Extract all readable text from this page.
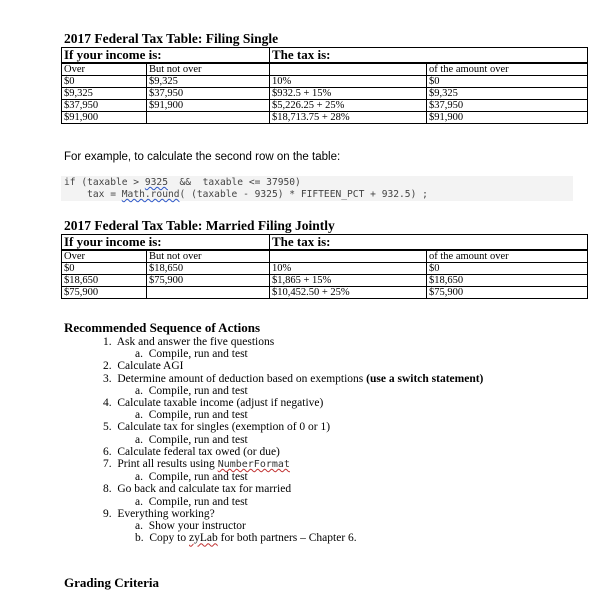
2017 Federal Tax Table: Filing Single
If your income is:		The tax is:	
Over	But not over		of the amount over
$0	$9,325	10%	$0
$9,325	$37,950	$932.5 + 15%	$9,325
$37,950	$91,900	$5,226.25 + 25%	$37,950
$91,900		$18,713.75 + 28%	$91,900
For example, to calculate the second row on the table:
if (taxable > 9325  &&  taxable <= 37950)
tax = Math.round( (taxable - 9325) * FIFTEEN_PCT + 932.5) ;
2017 Federal Tax Table: Married Filing Jointly
If your income is:		The tax is:	
Over	But not over		of the amount over
$0	$18,650	10%	$0
$18,650	$75,900	$1,865 + 15%	$18,650
$75,900		$10,452.50 + 25%	$75,900
Recommended Sequence of Actions
1.  Ask and answer the five questions
a.  Compile, run and test
2.  Calculate AGI
3.  Determine amount of deduction based on exemptions (use a switch statement)
a.  Compile, run and test
4.  Calculate taxable income (adjust if negative)
a.  Compile, run and test
5.  Calculate tax for singles (exemption of 0 or 1)
a.  Compile, run and test
6.  Calculate federal tax owed (or due)
7.  Print all results using NumberFormat
a.  Compile, run and test
8.  Go back and calculate tax for married
a.  Compile, run and test
9.  Everything working?
a.  Show your instructor
b.  Copy to zyLab for both partners – Chapter 6.
Grading Criteria
